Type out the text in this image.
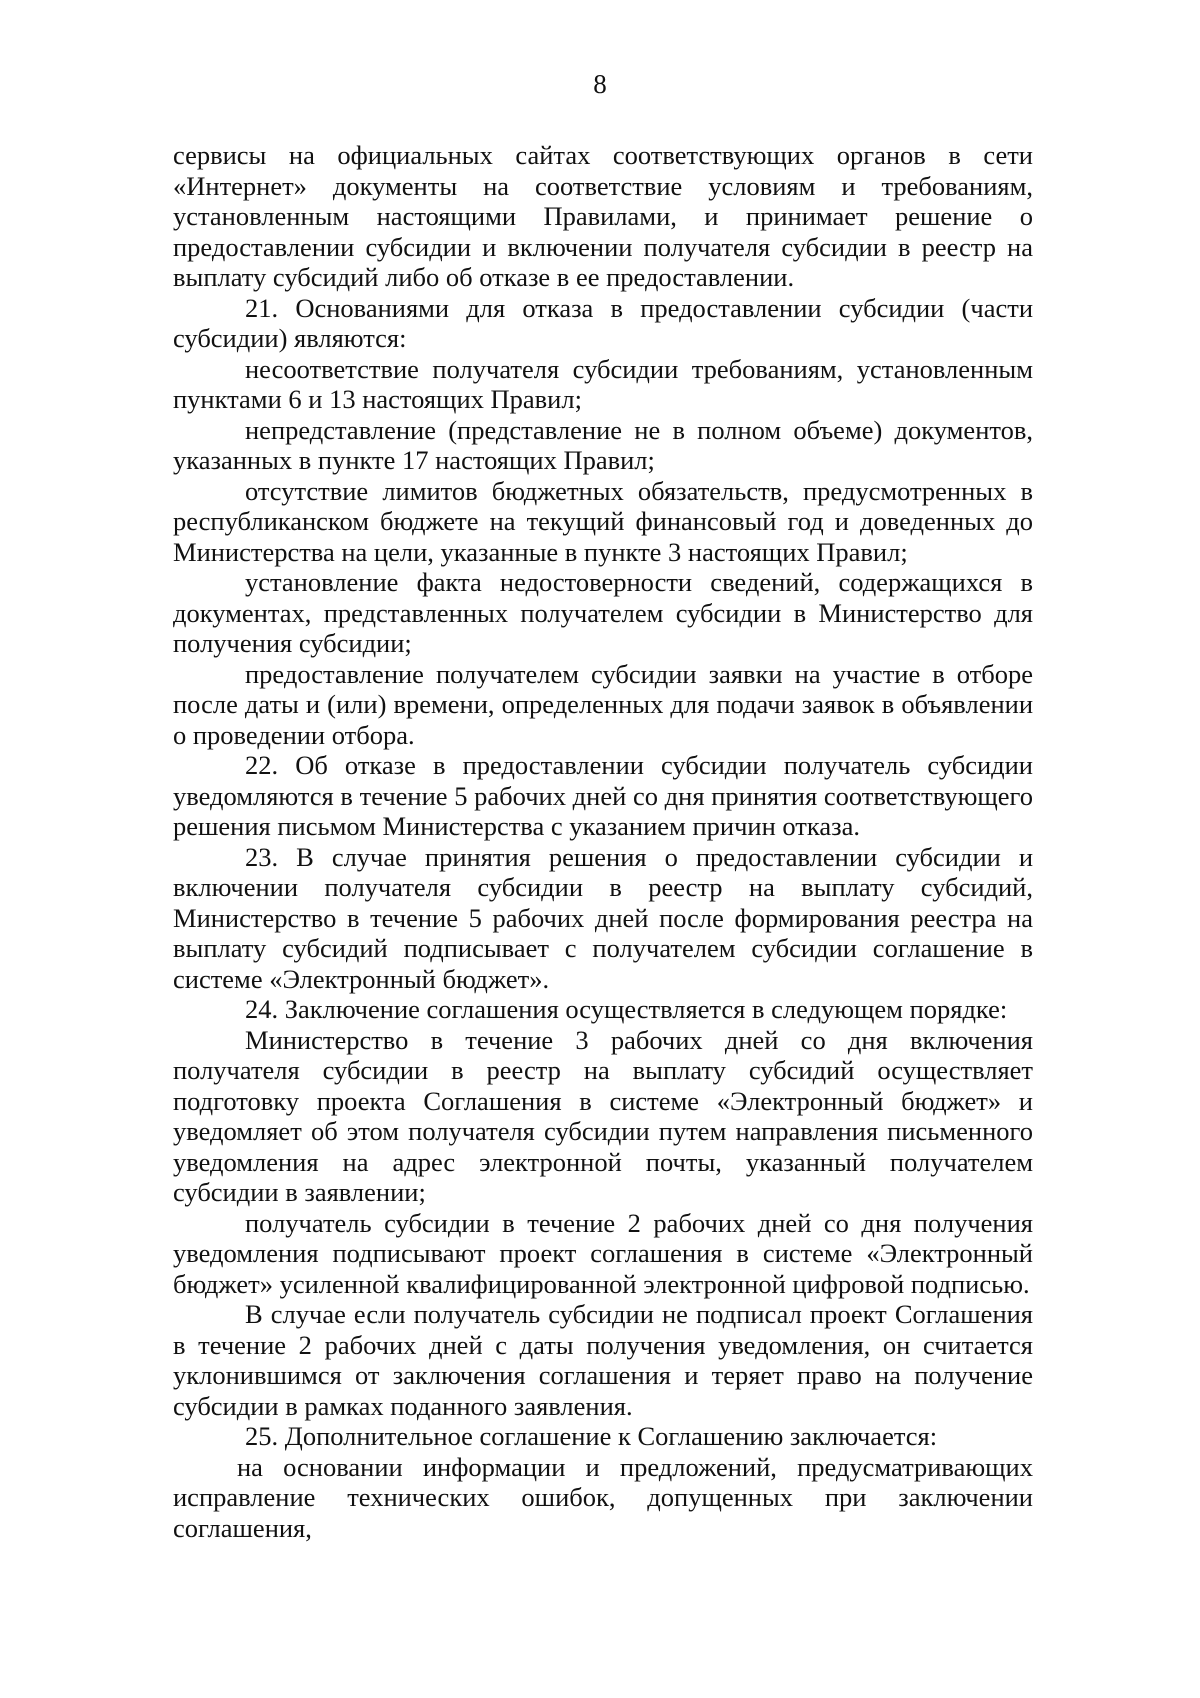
8

сервисы на официальных сайтах соответствующих органов в сети «Интернет» документы на соответствие условиям и требованиям, установленным настоящими Правилами, и принимает решение о предоставлении субсидии и включении получателя субсидии в реестр на выплату субсидий либо об отказе в ее предоставлении.

21. Основаниями для отказа в предоставлении субсидии (части субсидии) являются:

несоответствие получателя субсидии требованиям, установленным пунктами 6 и 13 настоящих Правил;

непредставление (представление не в полном объеме) документов, указанных в пункте 17 настоящих Правил;

отсутствие лимитов бюджетных обязательств, предусмотренных в республиканском бюджете на текущий финансовый год и доведенных до Министерства на цели, указанные в пункте 3 настоящих Правил;

установление факта недостоверности сведений, содержащихся в документах, представленных получателем субсидии в Министерство для получения субсидии;

предоставление получателем субсидии заявки на участие в отборе после даты и (или) времени, определенных для подачи заявок в объявлении о проведении отбора.

22. Об отказе в предоставлении субсидии получатель субсидии уведомляются в течение 5 рабочих дней со дня принятия соответствующего решения письмом Министерства с указанием причин отказа.

23. В случае принятия решения о предоставлении субсидии и включении получателя субсидии в реестр на выплату субсидий, Министерство в течение 5 рабочих дней после формирования реестра на выплату субсидий подписывает с получателем субсидии соглашение в системе «Электронный бюджет».

24. Заключение соглашения осуществляется в следующем порядке:

Министерство в течение 3 рабочих дней со дня включения получателя субсидии в реестр на выплату субсидий осуществляет подготовку проекта Соглашения в системе «Электронный бюджет» и уведомляет об этом получателя субсидии путем направления письменного уведомления на адрес электронной почты, указанный получателем субсидии в заявлении;

получатель субсидии в течение 2 рабочих дней со дня получения уведомления подписывают проект соглашения в системе «Электронный бюджет» усиленной квалифицированной электронной цифровой подписью.

В случае если получатель субсидии не подписал проект Соглашения в течение 2 рабочих дней с даты получения уведомления, он считается уклонившимся от заключения соглашения и теряет право на получение субсидии в рамках поданного заявления.

25. Дополнительное соглашение к Соглашению заключается:

на основании информации и предложений, предусматривающих исправление технических ошибок, допущенных при заключении соглашения,
